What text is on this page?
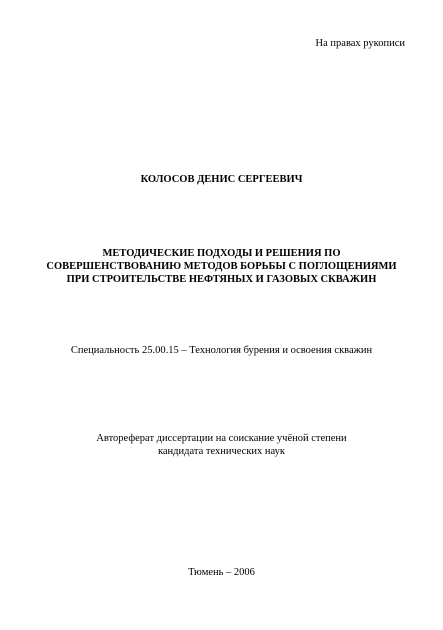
На правах рукописи
КОЛОСОВ ДЕНИС СЕРГЕЕВИЧ
МЕТОДИЧЕСКИЕ ПОДХОДЫ И РЕШЕНИЯ ПО
СОВЕРШЕНСТВОВАНИЮ МЕТОДОВ БОРЬБЫ С ПОГЛОЩЕНИЯМИ
ПРИ СТРОИТЕЛЬСТВЕ НЕФТЯНЫХ И ГАЗОВЫХ СКВАЖИН
Специальность 25.00.15 – Технология бурения и освоения скважин
Автореферат диссертации на соискание учёной степени
кандидата технических наук
Тюмень – 2006
